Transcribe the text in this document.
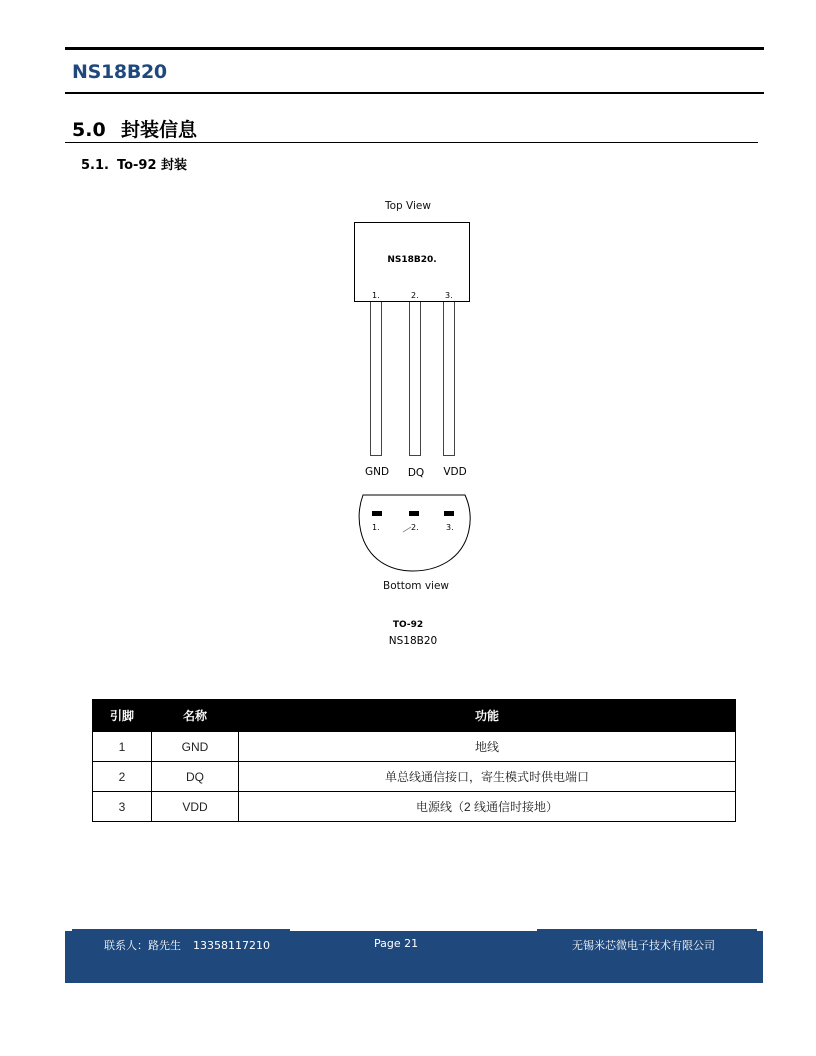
NS18B20
5.0 封装信息
5.1. To-92 封装
Top View
NS18B20.
1.	2.	3.
GND	DQ	VDD
1.	2.	3.
Bottom view
TO-92
NS18B20
引脚	名称	功能
1	GND	地线
2	DQ	单总线通信接口，寄生模式时供电端口
3	VDD	电源线（2 线通信时接地）
联系人：路先生 13358117210	Page 21	无锡米芯微电子技术有限公司
